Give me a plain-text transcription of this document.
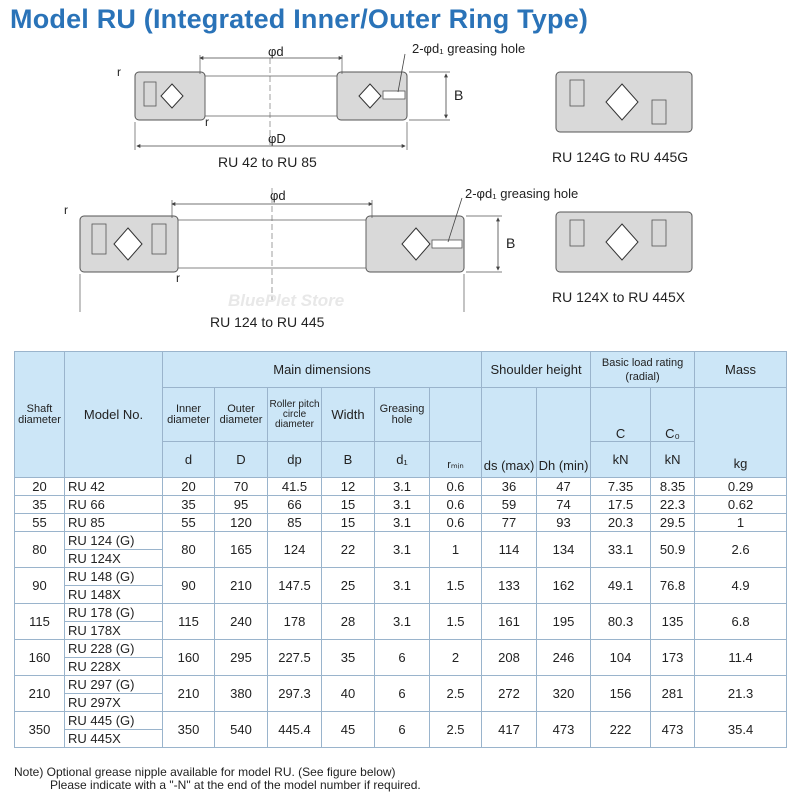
Model RU (Integrated Inner/Outer Ring Type)
φd
φD
2-φd₁ greasing hole
B
r
r
RU 42 to RU 85	RU 124G to RU 445G
φd	2-φd₁ greasing hole
B
r
r
BluePlet Store
RU 124 to RU 445
RU 124X to RU 445X
Shaft diameter	Model No.	Main dimensions						Shoulder height		Basic load rating (radial)		Mass
		Inner diameter	Outer diameter	Roller pitch circle diameter	Width	Greasing hole		ds (max)	Dh (min)	C	C₀	kg
		d	D	dp	B	d₁	rₘᵢₙ			kN	kN	
20	RU 42	20	70	41.5	12	3.1	0.6	36	47	7.35	8.35	0.29
35	RU 66	35	95	66	15	3.1	0.6	59	74	17.5	22.3	0.62
55	RU 85	55	120	85	15	3.1	0.6	77	93	20.3	29.5	1
80	RU 124 (G)	80	165	124	22	3.1	1	114	134	33.1	50.9	2.6
	RU 124X											
90	RU 148 (G)	90	210	147.5	25	3.1	1.5	133	162	49.1	76.8	4.9
	RU 148X											
115	RU 178 (G)	115	240	178	28	3.1	1.5	161	195	80.3	135	6.8
	RU 178X											
160	RU 228 (G)	160	295	227.5	35	6	2	208	246	104	173	11.4
	RU 228X											
210	RU 297 (G)	210	380	297.3	40	6	2.5	272	320	156	281	21.3
	RU 297X											
350	RU 445 (G)	350	540	445.4	45	6	2.5	417	473	222	473	35.4
	RU 445X											
Note) Optional grease nipple available for model RU. (See figure below)
Please indicate with a "-N" at the end of the model number if required.
